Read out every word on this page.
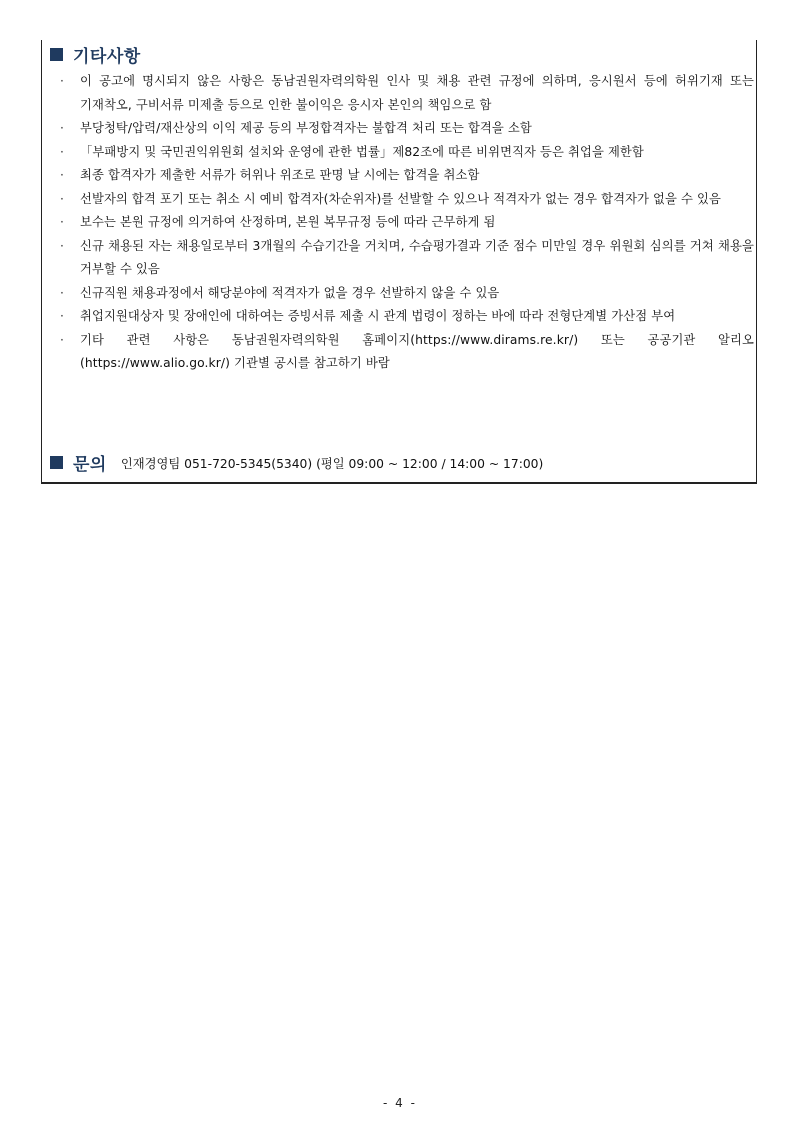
기타사항
·	이 공고에 명시되지 않은 사항은 동남권원자력의학원 인사 및 채용 관련 규정에 의하며, 응시원서 등에 허위기재 또는 기재착오, 구비서류 미제출 등으로 인한 불이익은 응시자 본인의 책임으로 함
·	부당청탁/압력/재산상의 이익 제공 등의 부정합격자는 불합격 처리 또는 합격을 소함
·	「부패방지 및 국민권익위원회 설치와 운영에 관한 법률」제82조에 따른 비위면직자 등은 취업을 제한함
·	최종 합격자가 제출한 서류가 허위나 위조로 판명 날 시에는 합격을 취소함
·	선발자의 합격 포기 또는 취소 시 예비 합격자(차순위자)를 선발할 수 있으나 적격자가 없는 경우 합격자가 없을 수 있음
·	보수는 본원 규정에 의거하여 산정하며, 본원 복무규정 등에 따라 근무하게 됨
·	신규 채용된 자는 채용일로부터 3개월의 수습기간을 거치며, 수습평가결과 기준 점수 미만일 경우 위원회 심의를 거쳐 채용을 거부할 수 있음
·	신규직원 채용과정에서 해당분야에 적격자가 없을 경우 선발하지 않을 수 있음
·	취업지원대상자 및 장애인에 대하여는 증빙서류 제출 시 관계 법령이 정하는 바에 따라 전형단계별 가산점 부여
·	기타 관련 사항은 동남권원자력의학원 홈페이지(https://www.dirams.re.kr/) 또는 공공기관 알리오 (https://www.alio.go.kr/) 기관별 공시를 참고하기 바람
문의 인재경영팀 051-720-5345(5340) (평일 09:00 ~ 12:00 / 14:00 ~ 17:00)
- 4 -
